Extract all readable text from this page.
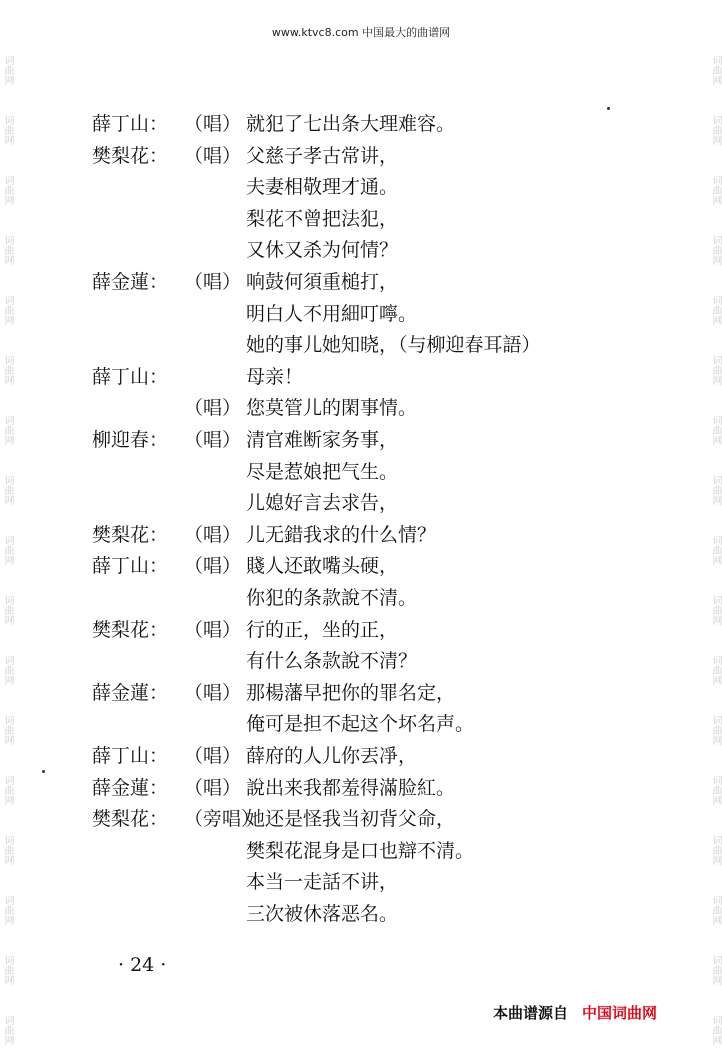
词曲网
词曲网
词曲网
词曲网
词曲网
词曲网
词曲网
词曲网
词曲网
词曲网
词曲网
词曲网
词曲网
词曲网
词曲网
词曲网
词曲网
词曲网
词曲网
词曲网
词曲网
词曲网
词曲网
词曲网
词曲网
词曲网
词曲网
词曲网
词曲网
词曲网
词曲网
词曲网
词曲网
词曲网
www.ktvc8.com 中国最大的曲谱网
薛丁山： （唱） 就犯了七出条大理难容。
樊梨花： （唱） 父慈子孝古常讲，
夫妻相敬理才通。
梨花不曾把法犯，
又休又杀为何情？
薛金蓮： （唱） 响鼓何須重槌打，
明白人不用細叮嚀。
她的事儿她知晓，（与柳迎春耳語）
薛丁山：	母亲！
（唱） 您莫管儿的閑事情。
柳迎春： （唱） 清官难断家务事，
尽是惹娘把气生。
儿媳好言去求告，
樊梨花： （唱） 儿无錯我求的什么情？
薛丁山： （唱） 賤人还敢嘴头硬，
你犯的条款說不清。
樊梨花： （唱） 行的正，坐的正，
有什么条款說不清？
薛金蓮： （唱） 那楊藩早把你的罪名定，
俺可是担不起这个坏名声。
薛丁山： （唱） 薛府的人儿你丟凈，
薛金蓮： （唱） 說出来我都羞得滿脸紅。
樊梨花： （旁唱）她还是怪我当初背父命，
樊梨花混身是口也辯不清。
本当一走話不讲，
三次被休落恶名。
· 24 ·
本曲谱源自 中国词曲网
